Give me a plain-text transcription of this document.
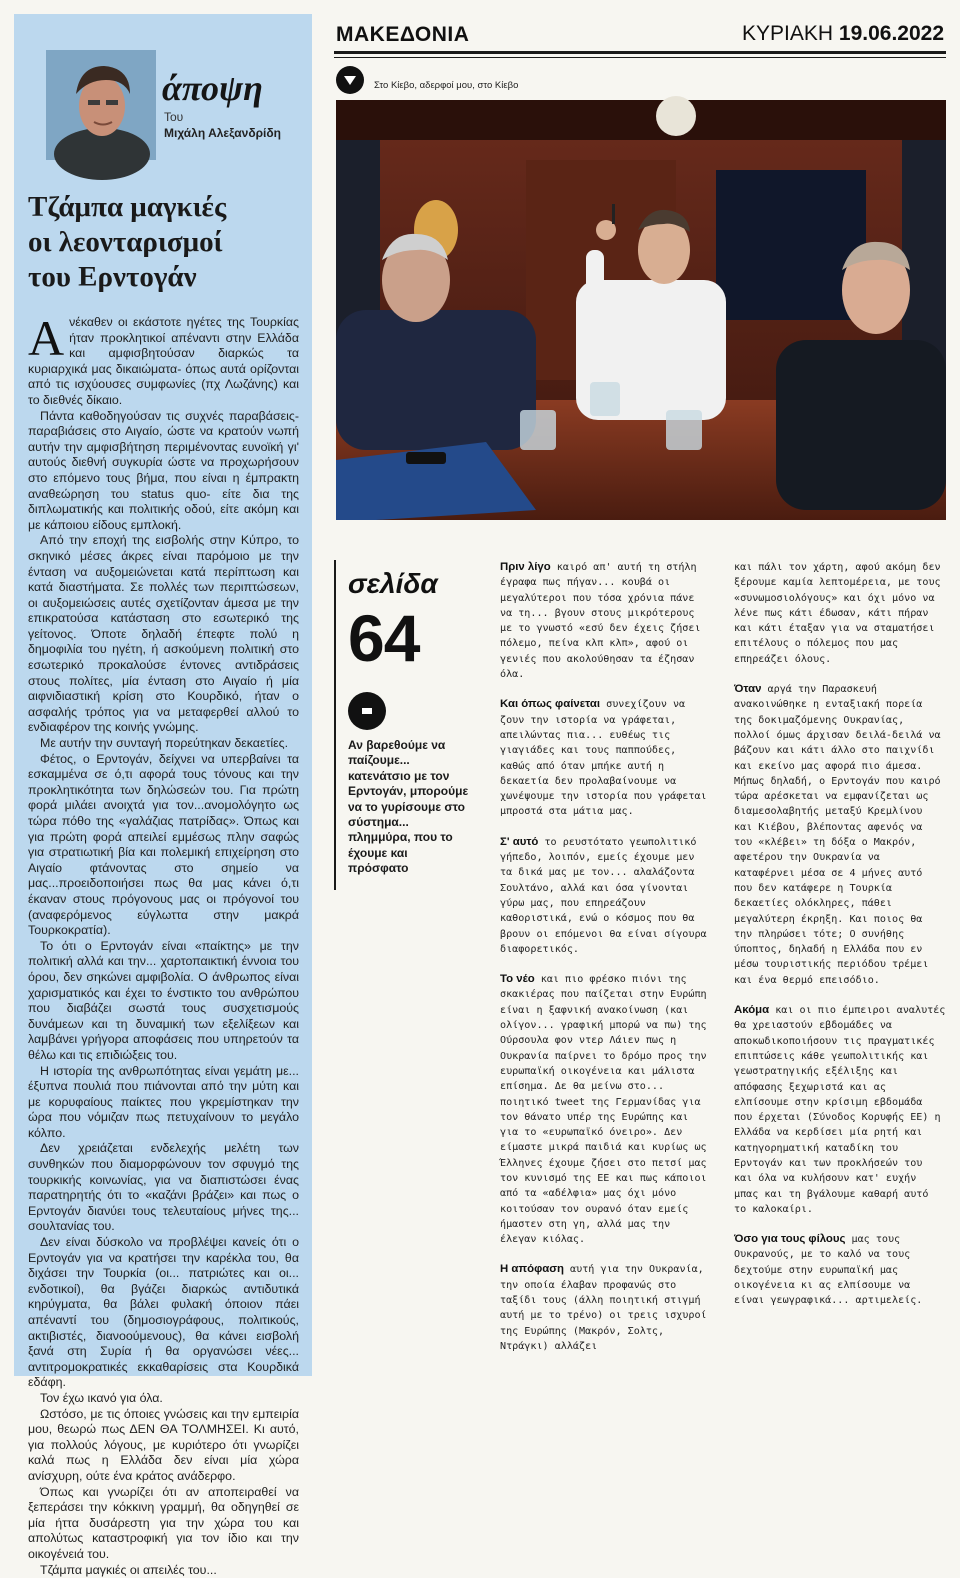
άποψη
Του
Μιχάλη Αλεξανδρίδη
Τζάμπα μαγκιές
οι λεονταρισμοί
του Ερντογάν

Ανέκαθεν οι εκάστοτε ηγέτες της Τουρκίας ήταν προκλητικοί απέναντι στην Ελλάδα και αμφισβητούσαν διαρκώς τα κυριαρχικά μας δικαιώματα- όπως αυτά ορίζονται από τις ισχύουσες συμφωνίες (πχ Λωζάνης) και το διεθνές δίκαιο.

Πάντα καθοδηγούσαν τις συχνές παραβάσεις-παραβιάσεις στο Αιγαίο, ώστε να κρατούν νωπή αυτήν την αμφισβήτηση περιμένοντας ευνοϊκή γι' αυτούς διεθνή συγκυρία ώστε να προχωρήσουν στο επόμενο τους βήμα, που είναι η έμπρακτη αναθεώρηση του status quo- είτε δια της διπλωματικής και πολιτικής οδού, είτε ακόμη και με κάποιου είδους εμπλοκή.

Από την εποχή της εισβολής στην Κύπρο, το σκηνικό μέσες άκρες είναι παρόμοιο με την ένταση να αυξομειώνεται κατά περίπτωση και κατά διαστήματα. Σε πολλές των περιπτώσεων, οι αυξομειώσεις αυτές σχετίζονταν άμεσα με την επικρατούσα κατάσταση στο εσωτερικό της γείτονος. Όποτε δηλαδή έπεφτε πολύ η δημοφιλία του ηγέτη, ή ασκούμενη πολιτική στο εσωτερικό προκαλούσε έντονες αντιδράσεις στους πολίτες, μία ένταση στο Αιγαίο ή μία αιφνιδιαστική κρίση στο Κουρδικό, ήταν ο ασφαλής τρόπος για να μεταφερθεί αλλού το ενδιαφέρον της κοινής γνώμης.

Με αυτήν την συνταγή πορεύτηκαν δεκαετίες.

Φέτος, ο Ερντογάν, δείχνει να υπερβαίνει τα εσκαμμένα σε ό,τι αφορά τους τόνους και την προκλητικότητα των δηλώσεών του. Για πρώτη φορά μιλάει ανοιχτά για τον...ανομολόγητο ως τώρα πόθο της «γαλάζιας πατρίδας». Όπως και για πρώτη φορά απειλεί εμμέσως πλην σαφώς για στρατιωτική βία και πολεμική επιχείρηση στο Αιγαίο φτάνοντας στο σημείο να μας...προειδοποιήσει πως θα μας κάνει ό,τι έκαναν στους πρόγονους μας οι πρόγονοί του (αναφερόμενος εύγλωττα στην μακρά Τουρκοκρατία).

Το ότι ο Ερντογάν είναι «παίκτης» με την πολιτική αλλά και την... χαρτοπαικτική έννοια του όρου, δεν σηκώνει αμφιβολία. Ο άνθρωπος είναι χαρισματικός και έχει το ένστικτο του ανθρώπου που διαβάζει σωστά τους συσχετισμούς δυνάμεων και τη δυναμική των εξελίξεων και λαμβάνει γρήγορα αποφάσεις που υπηρετούν τα θέλω και τις επιδιώξεις του.

Η ιστορία της ανθρωπότητας είναι γεμάτη με... έξυπνα πουλιά που πιάνονται από την μύτη και με κορυφαίους παίκτες που γκρεμίστηκαν την ώρα που νόμιζαν πως πετυχαίνουν το μεγάλο κόλπο.

Δεν χρειάζεται ενδελεχής μελέτη των συνθηκών που διαμορφώνουν τον σφυγμό της τουρκικής κοινωνίας, για να διαπιστώσει ένας παρατηρητής ότι το «καζάνι βράζει» και πως ο Ερντογάν διανύει τους τελευταίους μήνες της... σουλτανίας του.

Δεν είναι δύσκολο να προβλέψει κανείς ότι ο Ερντογάν για να κρατήσει την καρέκλα του, θα διχάσει την Τουρκία (οι... πατριώτες και οι... ενδοτικοί), θα βγάζει διαρκώς αντιδυτικά κηρύγματα, θα βάλει φυλακή όποιον πάει απέναντί του (δημοσιογράφους, πολιτικούς, ακτιβιστές, διανοούμενους), θα κάνει εισβολή ξανά στη Συρία ή θα οργανώσει νέες... αντιτρομοκρατικές εκκαθαρίσεις στα Κουρδικά εδάφη.

Τον έχω ικανό για όλα.

Ωστόσο, με τις όποιες γνώσεις και την εμπειρία μου, θεωρώ πως ΔΕΝ ΘΑ ΤΟΛΜΗΣΕΙ. Κι αυτό, για πολλούς λόγους, με κυριότερο ότι γνωρίζει καλά πως η Ελλάδα δεν είναι μία χώρα ανίσχυρη, ούτε ένα κράτος ανάδερφο.

Όπως και γνωρίζει ότι αν αποπειραθεί να ξεπεράσει την κόκκινη γραμμή, θα οδηγηθεί σε μία ήττα δυσάρεστη για την χώρα του και απολύτως καταστροφική για τον ίδιο και την οικογένειά του.

Τζάμπα μαγκιές οι απειλές του...

ΜΑΚΕΔΟΝΙΑ	ΚΥΡΙΑΚΗ 19.06.2022
Στο Κίεβο, αδερφοί μου, στο Κίεβο
σελίδα
64
Αν βαρεθούμε να παίζουμε... κατενάτσιο με τον Ερντογάν, μπορούμε να το γυρίσουμε στο σύστημα... πλημμύρα, που το έχουμε και πρόσφατο

Πριν λίγο καιρό απ' αυτή τη στήλη έγραφα πως πήγαν... κουβά οι μεγαλύτεροι που τόσα χρόνια πάνε να τη... βγουν στους μικρότερους με το γνωστό «εσύ δεν έχεις ζήσει πόλεμο, πείνα κλπ κλπ», αφού οι γενιές που ακολούθησαν τα έζησαν όλα.

Και όπως φαίνεται συνεχίζουν να ζουν την ιστορία να γράφεται, απειλώντας πια... ευθέως τις γιαγιάδες και τους παππούδες, καθώς από όταν μπήκε αυτή η δεκαετία δεν προλαβαίνουμε να χωνέψουμε την ιστορία που γράφεται μπροστά στα μάτια μας.

Σ' αυτό το ρευστότατο γεωπολιτικό γήπεδο, λοιπόν, εμείς έχουμε μεν τα δικά μας με τον... αλαλάζοντα Σουλτάνο, αλλά και όσα γίνονται γύρω μας, που επηρεάζουν καθοριστικά, ενώ ο κόσμος που θα βρουν οι επόμενοι θα είναι σίγουρα διαφορετικός.

Το νέο και πιο φρέσκο πιόνι της σκακιέρας που παίζεται στην Ευρώπη είναι η ξαφνική ανακοίνωση (και ολίγον... γραφική μπορώ να πω) της Ούρσουλα φον ντερ Λάιεν πως η Ουκρανία παίρνει το δρόμο προς την ευρωπαϊκή οικογένεια και μάλιστα επίσημα. Δε θα μείνω στο... ποιητικό tweet της Γερμανίδας για τον θάνατο υπέρ της Ευρώπης και για το «ευρωπαϊκό όνειρο». Δεν είμαστε μικρά παιδιά και κυρίως ως Έλληνες έχουμε ζήσει στο πετσί μας τον κυνισμό της ΕΕ και πως κάποιοι από τα «αδέλφια» μας όχι μόνο κοιτούσαν τον ουρανό όταν εμείς ήμαστεν στη γη, αλλά μας την έλεγαν κιόλας.

Η απόφαση αυτή για την Ουκρανία, την οποία έλαβαν προφανώς στο ταξίδι τους (άλλη ποιητική στιγμή αυτή με το τρένο) οι τρεις ισχυροί της Ευρώπης (Μακρόν, Σολτς, Ντράγκι) αλλάζει

και πάλι τον χάρτη, αφού ακόμη δεν ξέρουμε καμία λεπτομέρεια, με τους «συνωμοσιολόγους» και όχι μόνο να λένε πως κάτι έδωσαν, κάτι πήραν και κάτι έταξαν για να σταματήσει επιτέλους ο πόλεμος που μας επηρεάζει όλους.

Όταν αργά την Παρασκευή ανακοινώθηκε η ενταξιακή πορεία της δοκιμαζόμενης Ουκρανίας, πολλοί όμως άρχισαν δειλά-δειλά να βάζουν και κάτι άλλο στο παιχνίδι και εκείνο μας αφορά πιο άμεσα. Μήπως δηλαδή, ο Ερντογάν που καιρό τώρα αρέσκεται να εμφανίζεται ως διαμεσολαβητής μεταξύ Κρεμλίνου και Κιέβου, βλέποντας αφενός να του «κλέβει» τη δόξα ο Μακρόν, αφετέρου την Ουκρανία να καταφέρνει μέσα σε 4 μήνες αυτό που δεν κατάφερε η Τουρκία δεκαετίες ολόκληρες, πάθει μεγαλύτερη έκρηξη. Και ποιος θα την πληρώσει τότε; Ο συνήθης ύποπτος, δηλαδή η Ελλάδα που εν μέσω τουριστικής περιόδου τρέμει και ένα θερμό επεισόδιο.

Ακόμα και οι πιο έμπειροι αναλυτές θα χρειαστούν εβδομάδες να αποκωδικοποιήσουν τις πραγματικές επιπτώσεις κάθε γεωπολιτικής και γεωστρατηγικής εξέλιξης και απόφασης ξεχωριστά και ας ελπίσουμε στην κρίσιμη εβδομάδα που έρχεται (Σύνοδος Κορυφής ΕΕ) η Ελλάδα να κερδίσει μία ρητή και κατηγορηματική καταδίκη του Ερντογάν και των προκλήσεών του και όλα να κυλήσουν κατ' ευχήν μπας και τη βγάλουμε καθαρή αυτό το καλοκαίρι.

Όσο για τους φίλους μας τους Ουκρανούς, με το καλό να τους δεχτούμε στην ευρωπαϊκή μας οικογένεια κι ας ελπίσουμε να είναι γεωγραφικά... αρτιμελείς.
